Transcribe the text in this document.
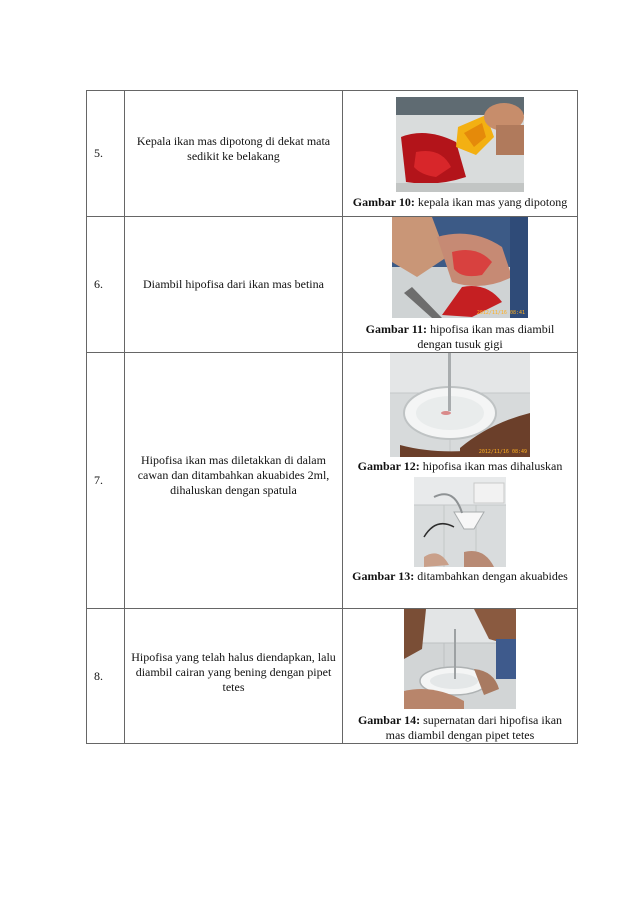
5.	Kepala ikan mas dipotong di dekat mata sedikit ke belakang	Gambar 10: kepala ikan mas yang dipotong

6.	Diambil hipofisa dari ikan mas betina	2012/11/16 08:41
Gambar 11: hipofisa ikan mas diambil dengan tusuk gigi

7.	Hipofisa ikan mas diletakkan di dalam cawan dan ditambahkan akuabides 2ml, dihaluskan dengan spatula	2012/11/16 08:49
Gambar 12: hipofisa ikan mas dihaluskan
Gambar 13: ditambahkan dengan akuabides

8.	Hipofisa yang telah halus diendapkan, lalu diambil cairan yang bening dengan pipet tetes	Gambar 14: supernatan dari hipofisa ikan mas diambil dengan pipet tetes
